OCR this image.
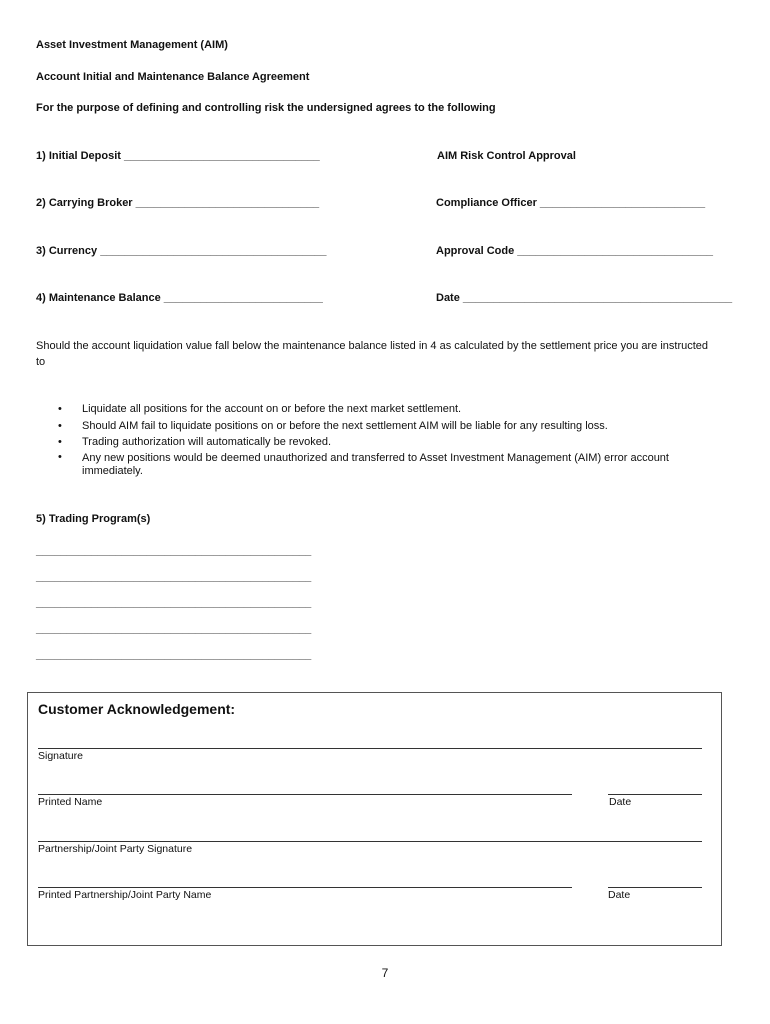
Asset Investment Management (AIM)
Account Initial and Maintenance Balance Agreement
For the purpose of defining and controlling risk the undersigned agrees to the following
1) Initial Deposit ________________________________	AIM Risk Control Approval
2) Carrying Broker ______________________________	Compliance Officer ___________________________
3) Currency _____________________________________	Approval Code ________________________________
4) Maintenance Balance __________________________	Date ____________________________________________
Should the account liquidation value fall below the maintenance balance listed in 4 as calculated by the settlement price you are instructed to
• Liquidate all positions for the account on or before the next market settlement.
• Should AIM fail to liquidate positions on or before the next settlement AIM will be liable for any resulting loss.
• Trading authorization will automatically be revoked.
• Any new positions would be deemed unauthorized and transferred to Asset Investment Management (AIM) error account immediately.
5) Trading Program(s)
_____________________________________________
_____________________________________________
_____________________________________________
_____________________________________________
_____________________________________________
Customer Acknowledgement:
Signature
Printed Name	Date
Partnership/Joint Party Signature
Printed Partnership/Joint Party Name	Date
7
